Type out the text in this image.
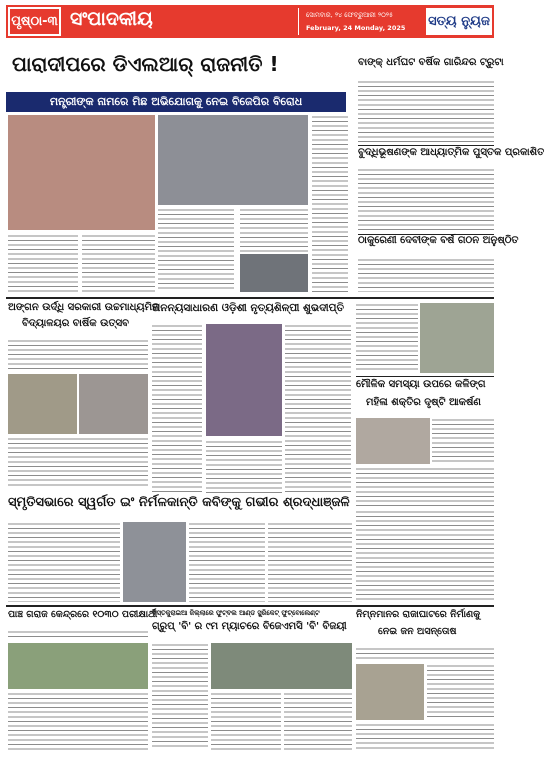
ପୃଷ୍ଠା-୩ ସଂପାଦକୀୟ	ସୋମବାର, ୨୪ ଫେବ୍ରୁଆରୀ ୨୦୨୫
February, 24 Monday, 2025	ସତ୍ୟ ନ୍ୟୁଜ
ପାରାଦୀପରେ ଡିଏଲଆର୍ ରାଜନୀତି !
ମନ୍ତ୍ରୀଙ୍କ ନାମରେ ମିଛ ଅଭିଯୋଗକୁ ନେଇ ବିଜେପିର ବିରୋଧ
ବାଙ୍କ୍ ଧର୍ମଘଟ ବର୍ଷିକ ଗାରିନ୍ଦର ଟ୍ରୁଟା
ବୁଦ୍ଧିଭୂଷଣଙ୍କ ଆଧ୍ୟାତ୍ମିକ ପୁସ୍ତକ ପ୍ରକାଶିତ
ଠାକୁରେଣୀ ଦେବୀଙ୍କ ବର୍ଷ ଗଠନ ଅନୁଷ୍ଠିତ
ଅଙ୍ଗନ ଉର୍ଦ୍ଧି ସରକାରୀ ଉଚ୍ଚମାଧ୍ୟମିକ
ବିଦ୍ୟାଳୟର ବାର୍ଷିକ ଉତ୍ସବ
ଅନନ୍ୟସାଧାରଣ ଓଡ଼ିଶୀ ନୃତ୍ୟଶିଳ୍ପୀ ଶୁଭଦୀପ୍ତି
ମୌଳିକ ସମସ୍ୟା ଉପରେ କଳିଙ୍ଗ
ମହିଳା ଶକ୍ତିର ଦୃଷ୍ଟି ଆକର୍ଷଣ
ସ୍ମୃତିସଭାରେ ସ୍ୱର୍ଗତ ଇଂ ନିର୍ମଳକାନ୍ତି କବିଙ୍କୁ ଗଭୀର ଶ୍ରଦ୍ଧାଞ୍ଜଳି
ପାଞ୍ଚ ଗରାଜ କେନ୍ଦ୍ରରେ ୧୦୩୦ ପରୀକ୍ଷାର୍ଥୀ
କିସ୍ତକୁରାଇଆ ଜିଲ୍ଲାରେ ଫୁଟ୍ବଲ ଆଣ୍ଡ ସ୍କ୍ରିକେଟ୍ ଫୁଟ୍ବୋଲେଣ୍ଟ
ଗ୍ରୁପ୍ 'ବି' ର ୯ମ ମ୍ୟାଚରେ ବିଜେଏମସି 'ବି' ବିଜୟୀ
ନିମ୍ନମାନର ରାଜାଘାଟରେ ନିର୍ମାଣକୁ
ନେଇ ଜନ ଅସନ୍ତୋଷ
